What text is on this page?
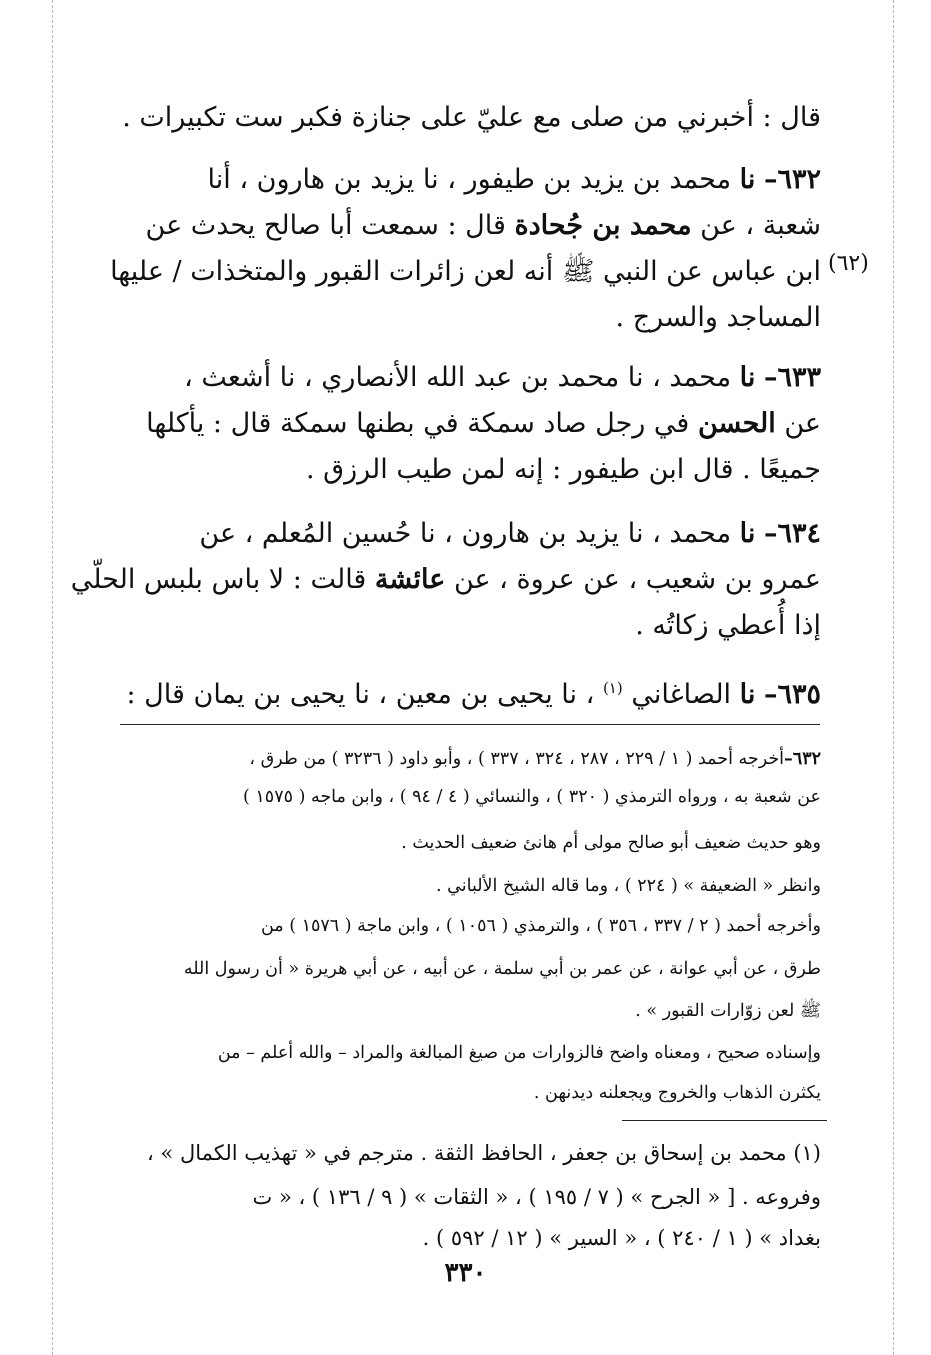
قال : أخبرني من صلى مع عليّ على جنازة فكبر ست تكبيرات .

٦٣٢– نا محمد بن يزيد بن طيفور ، نا يزيد بن هارون ، أنا

شعبة ، عن محمد بن جُحادة قال : سمعت أبا صالح يحدث عن

(٦٢)

ابن عباس عن النبي ﷺ أنه لعن زائرات القبور والمتخذات / عليها

المساجد والسرج .

٦٣٣– نا محمد ، نا محمد بن عبد الله الأنصاري ، نا أشعث ،

عن الحسن في رجل صاد سمكة في بطنها سمكة قال : يأكلها

جميعًا . قال ابن طيفور : إنه لمن طيب الرزق .

٦٣٤– نا محمد ، نا يزيد بن هارون ، نا حُسين المُعلم ، عن

عمرو بن شعيب ، عن عروة ، عن عائشة قالت : لا باس بلبس الحلّي

إذا أُعطي زكاتُه .

٦٣٥– نا الصاغاني $^{(١)}$ ، نا يحيى بن معين ، نا يحيى بن يمان قال :

٦٣٢–أخرجه أحمد ( ١ / ٢٢٩ ، ٢٨٧ ، ٣٢٤ ، ٣٣٧ ) ، وأبو داود ( ٣٢٣٦ ) من طرق ،

عن شعبة به ، ورواه الترمذي ( ٣٢٠ ) ، والنسائي ( ٤ / ٩٤ ) ، وابن ماجه ( ١٥٧٥ )

وهو حديث ضعيف أبو صالح مولى أم هانئ ضعيف الحديث .

وانظر « الضعيفة » ( ٢٢٤ ) ، وما قاله الشيخ الألباني .

وأخرجه أحمد ( ٢ / ٣٣٧ ، ٣٥٦ ) ، والترمذي ( ١٠٥٦ ) ، وابن ماجة ( ١٥٧٦ ) من

طرق ، عن أبي عوانة ، عن عمر بن أبي سلمة ، عن أبيه ، عن أبي هريرة « أن رسول الله

ﷺ لعن زوّارات القبور » .

وإسناده صحيح ، ومعناه واضح فالزوارات من صيغ المبالغة والمراد – والله أعلم – من

يكثرن الذهاب والخروج ويجعلنه ديدنهن .

(١) محمد بن إسحاق بن جعفر ، الحافظ الثقة . مترجم في « تهذيب الكمال » ،

وفروعه . [ « الجرح » ( ٧ / ١٩٥ ) ، « الثقات » ( ٩ / ١٣٦ ) ، « ت

بغداد » ( ١ / ٢٤٠ ) ، « السير » ( ١٢ / ٥٩٢ ) .

٣٣٠
